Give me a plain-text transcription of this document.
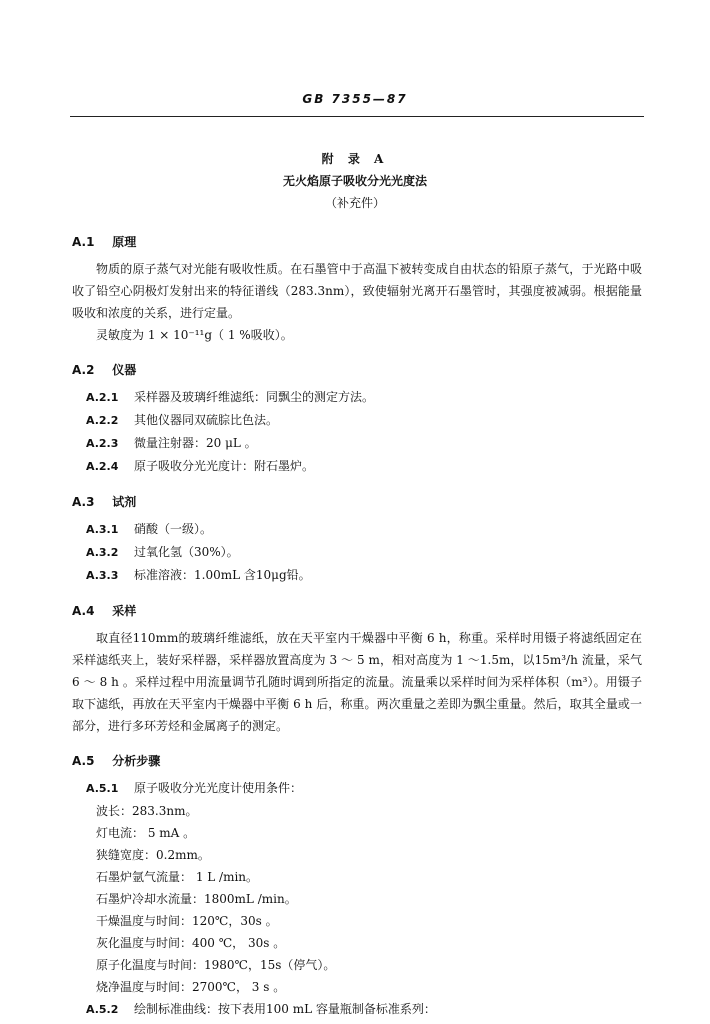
GB 7355—87
附 录 A
无火焰原子吸收分光光度法
（补充件）
A.1 原理

物质的原子蒸气对光能有吸收性质。在石墨管中于高温下被转变成自由状态的铅原子蒸气，于光路中吸收了铅空心阴极灯发射出来的特征谱线（283.3nm），致使辐射光离开石墨管时，其强度被减弱。根据能量吸收和浓度的关系，进行定量。

灵敏度为 1 × 10⁻¹¹g（ 1 %吸收）。

A.2 仪器
A.2.1 采样器及玻璃纤维滤纸：同飘尘的测定方法。
A.2.2 其他仪器同双硫腙比色法。
A.2.3 微量注射器：20 μL 。
A.2.4 原子吸收分光光度计：附石墨炉。
A.3 试剂
A.3.1 硝酸（一级）。
A.3.2 过氧化氢（30%）。
A.3.3 标准溶液：1.00mL 含10μg铅。
A.4 采样

取直径110mm的玻璃纤维滤纸，放在天平室内干燥器中平衡 6 h，称重。采样时用镊子将滤纸固定在采样滤纸夹上，装好采样器，采样器放置高度为 3 ～ 5 m，相对高度为 1 ～1.5m，以15m³/h 流量，采气 6 ～ 8 h 。采样过程中用流量调节孔随时调到所指定的流量。流量乘以采样时间为采样体积（m³）。用镊子取下滤纸，再放在天平室内干燥器中平衡 6 h 后，称重。两次重量之差即为飘尘重量。然后，取其全量或一部分，进行多环芳烃和金属离子的测定。

A.5 分析步骤
A.5.1 原子吸收分光光度计使用条件：
波长：283.3nm。
灯电流： 5 mA 。
狭缝宽度：0.2mm。
石墨炉氩气流量： 1 L /min。
石墨炉冷却水流量：1800mL /min。
干燥温度与时间：120℃，30s 。
灰化温度与时间：400 ℃， 30s 。
原子化温度与时间：1980℃，15s（停气）。
烧净温度与时间：2700℃， 3 s 。
A.5.2 绘制标准曲线：按下表用100 mL 容量瓶制备标准系列：
